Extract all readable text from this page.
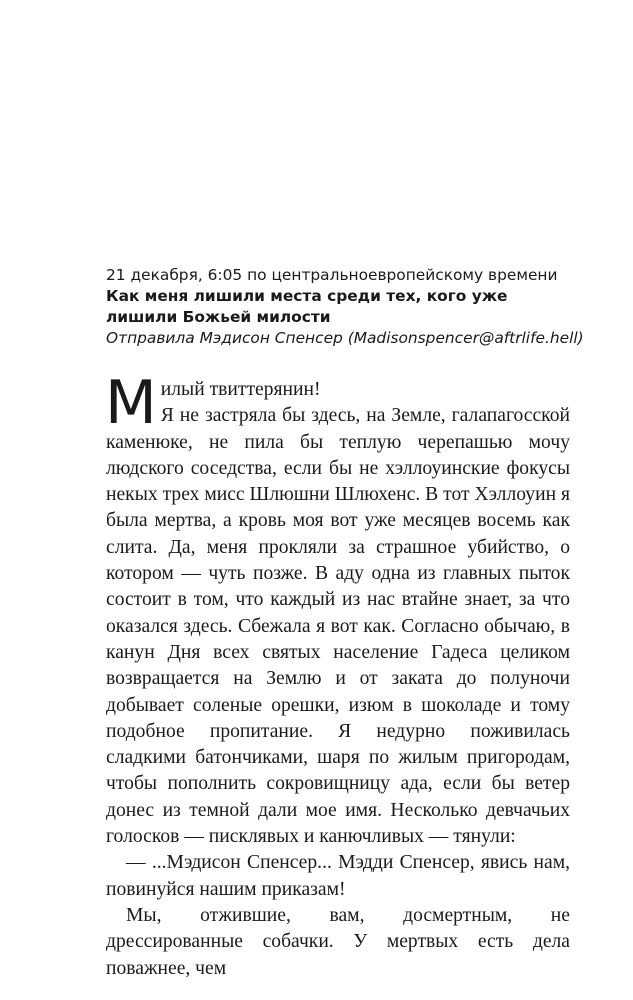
21 декабря, 6:05 по центральноевропейскому времени
Как меня лишили места среди тех, кого уже лишили Божьей милости
Отправила Мэдисон Спенсер (Madisonspencer@aftrlife.hell)

Милый твиттерянин!

Я не застряла бы здесь, на Земле, галапагосской каменюке, не пила бы теплую черепашью мочу людского соседства, если бы не хэллоуинские фокусы некых трех мисс Шлюшни Шлюхенс. В тот Хэллоуин я была мертва, а кровь моя вот уже месяцев восемь как слита. Да, меня прокляли за страшное убийство, о котором — чуть позже. В аду одна из главных пыток состоит в том, что каждый из нас втайне знает, за что оказался здесь. Сбежала я вот как. Согласно обычаю, в канун Дня всех святых население Гадеса целиком возвращается на Землю и от заката до полуночи добывает соленые орешки, изюм в шоколаде и тому подобное пропитание. Я недурно поживилась сладкими батончиками, шаря по жилым пригородам, чтобы пополнить сокровищницу ада, если бы ветер донес из темной дали мое имя. Несколько девчачьих голосков — писклявых и канючливых — тянули:

— ...Мэдисон Спенсер... Мэдди Спенсер, явись нам, повинуйся нашим приказам!

Мы, отжившие, вам, досмертным, не дрессированные собачки. У мертвых есть дела поважнее, чем
